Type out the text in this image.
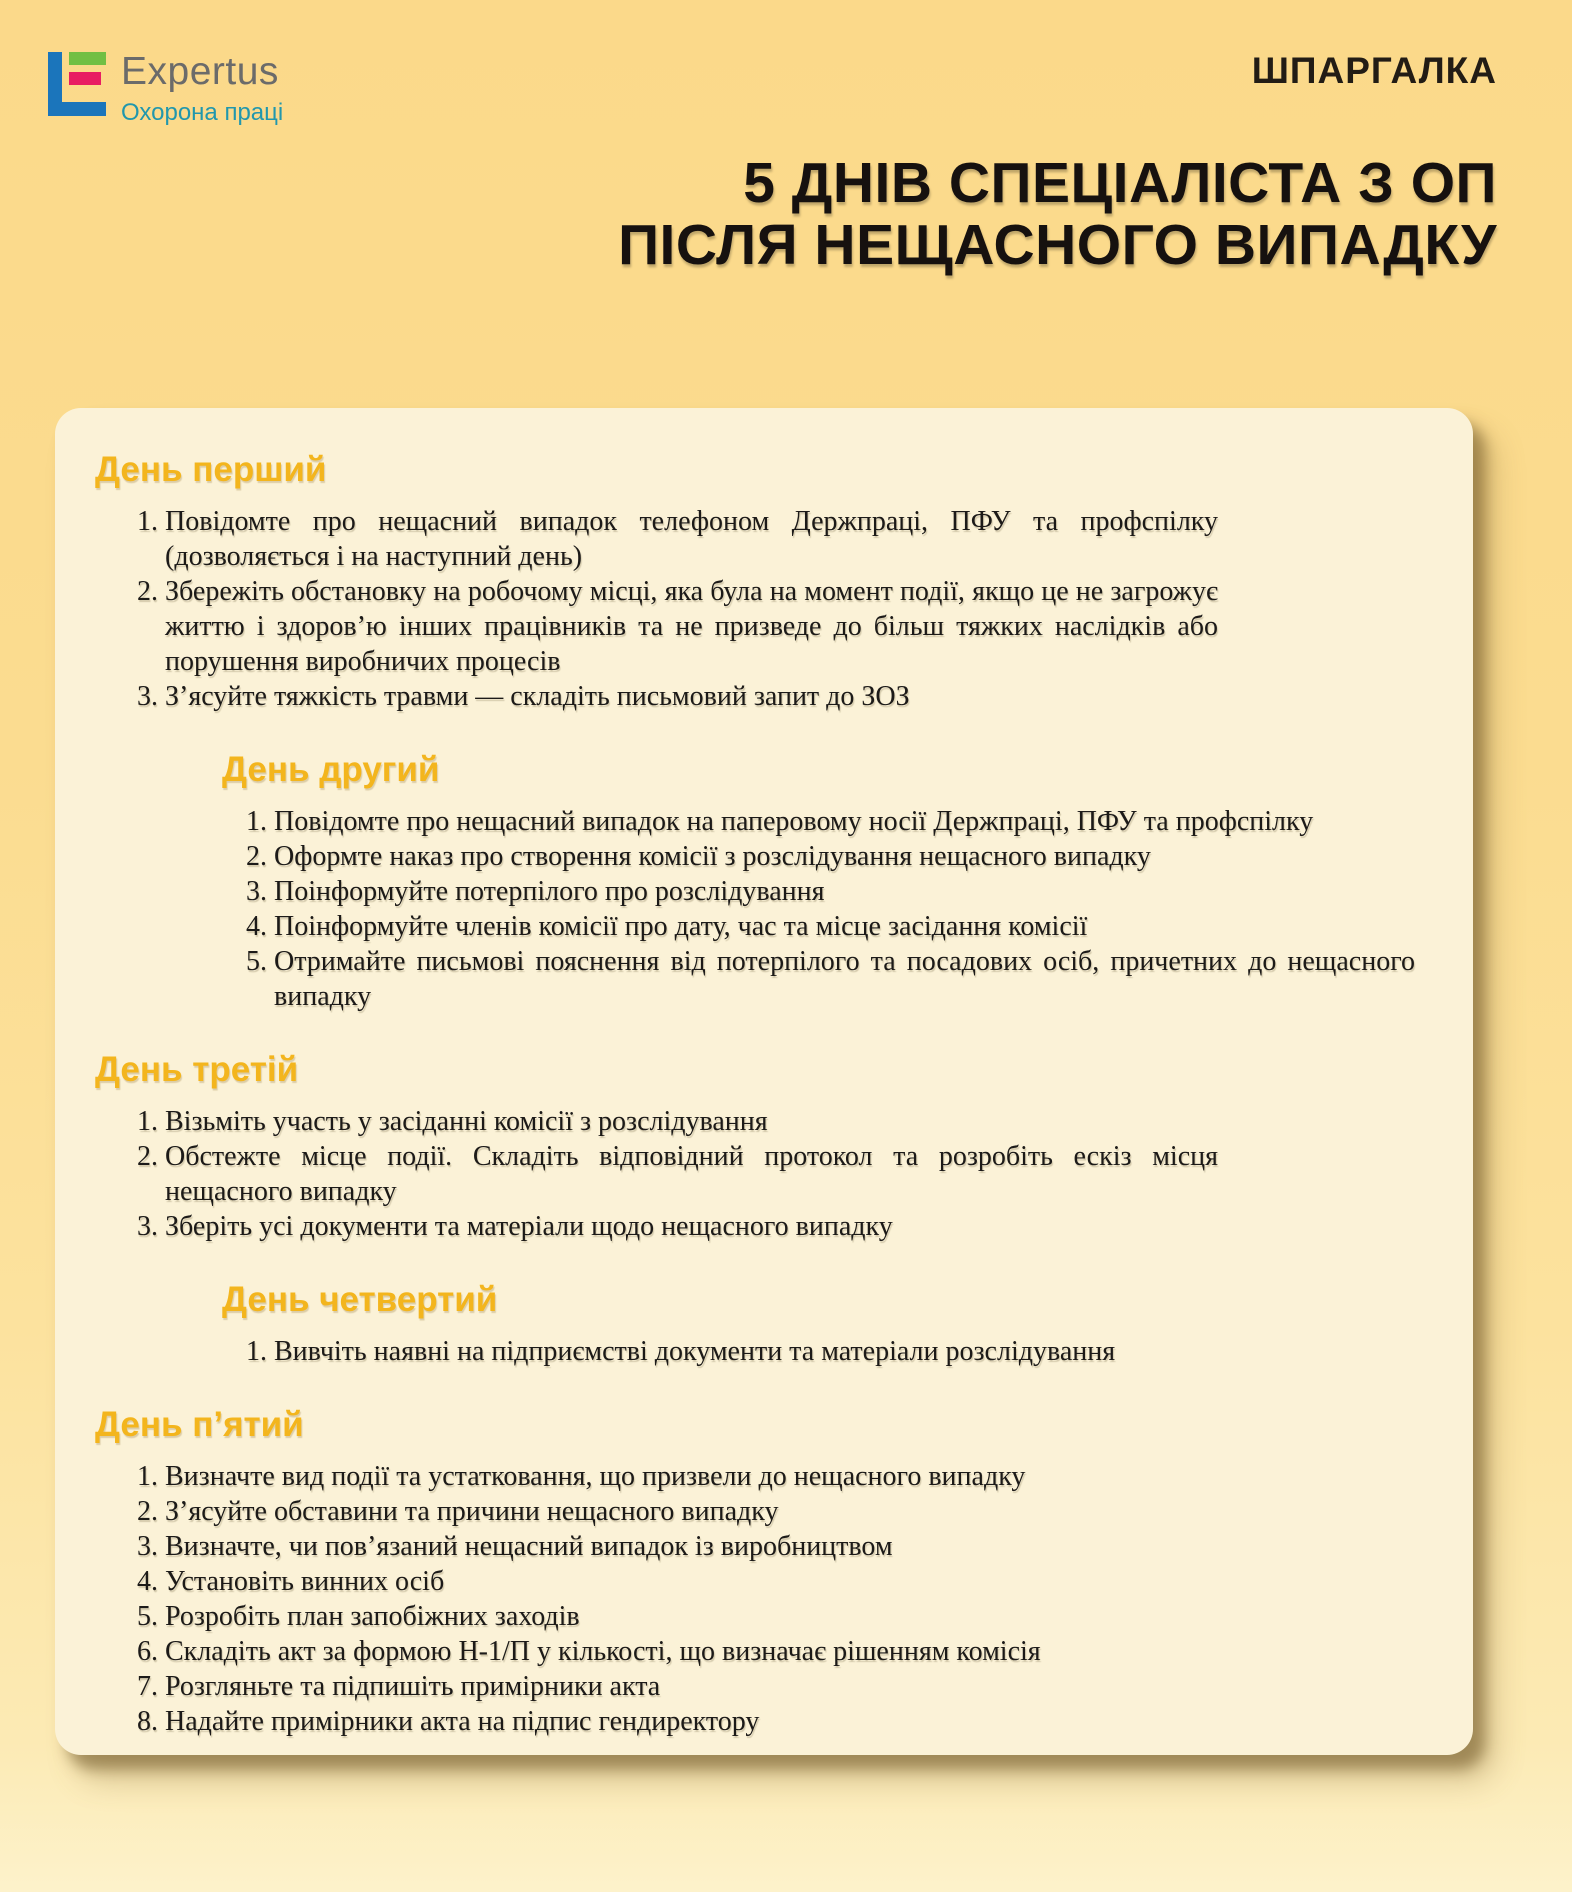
Expertus
Охорона праці
ШПАРГАЛКА
5 ДНІВ СПЕЦІАЛІСТА З ОП
ПІСЛЯ НЕЩАСНОГО ВИПАДКУ
День перший
1. Повідомте про нещасний випадок телефоном Держпраці, ПФУ та профспілку (дозволяється і на наступний день)
2. Збережіть обстановку на робочому місці, яка була на момент події, якщо це не загрожує життю і здоров’ю інших працівників та не призведе до більш тяжких наслідків або порушення виробничих процесів
3. З’ясуйте тяжкість травми — складіть письмовий запит до ЗОЗ
День другий
1. Повідомте про нещасний випадок на паперовому носії Держпраці, ПФУ та профспілку
2. Оформте наказ про створення комісії з розслідування нещасного випадку
3. Поінформуйте потерпілого про розслідування
4. Поінформуйте членів комісії про дату, час та місце засідання комісії
5. Отримайте письмові пояснення від потерпілого та посадових осіб, причетних до нещасного випадку
День третій
1. Візьміть участь у засіданні комісії з розслідування
2. Обстежте місце події. Складіть відповідний протокол та розробіть ескіз місця нещасного випадку
3. Зберіть усі документи та матеріали щодо нещасного випадку
День четвертий
1. Вивчіть наявні на підприємстві документи та матеріали розслідування
День п’ятий
1. Визначте вид події та устатковання, що призвели до нещасного випадку
2. З’ясуйте обставини та причини нещасного випадку
3. Визначте, чи пов’язаний нещасний випадок із виробництвом
4. Установіть винних осіб
5. Розробіть план запобіжних заходів
6. Складіть акт за формою Н-1/П у кількості, що визначає рішенням комісія
7. Розгляньте та підпишіть примірники акта
8. Надайте примірники акта на підпис гендиректору
